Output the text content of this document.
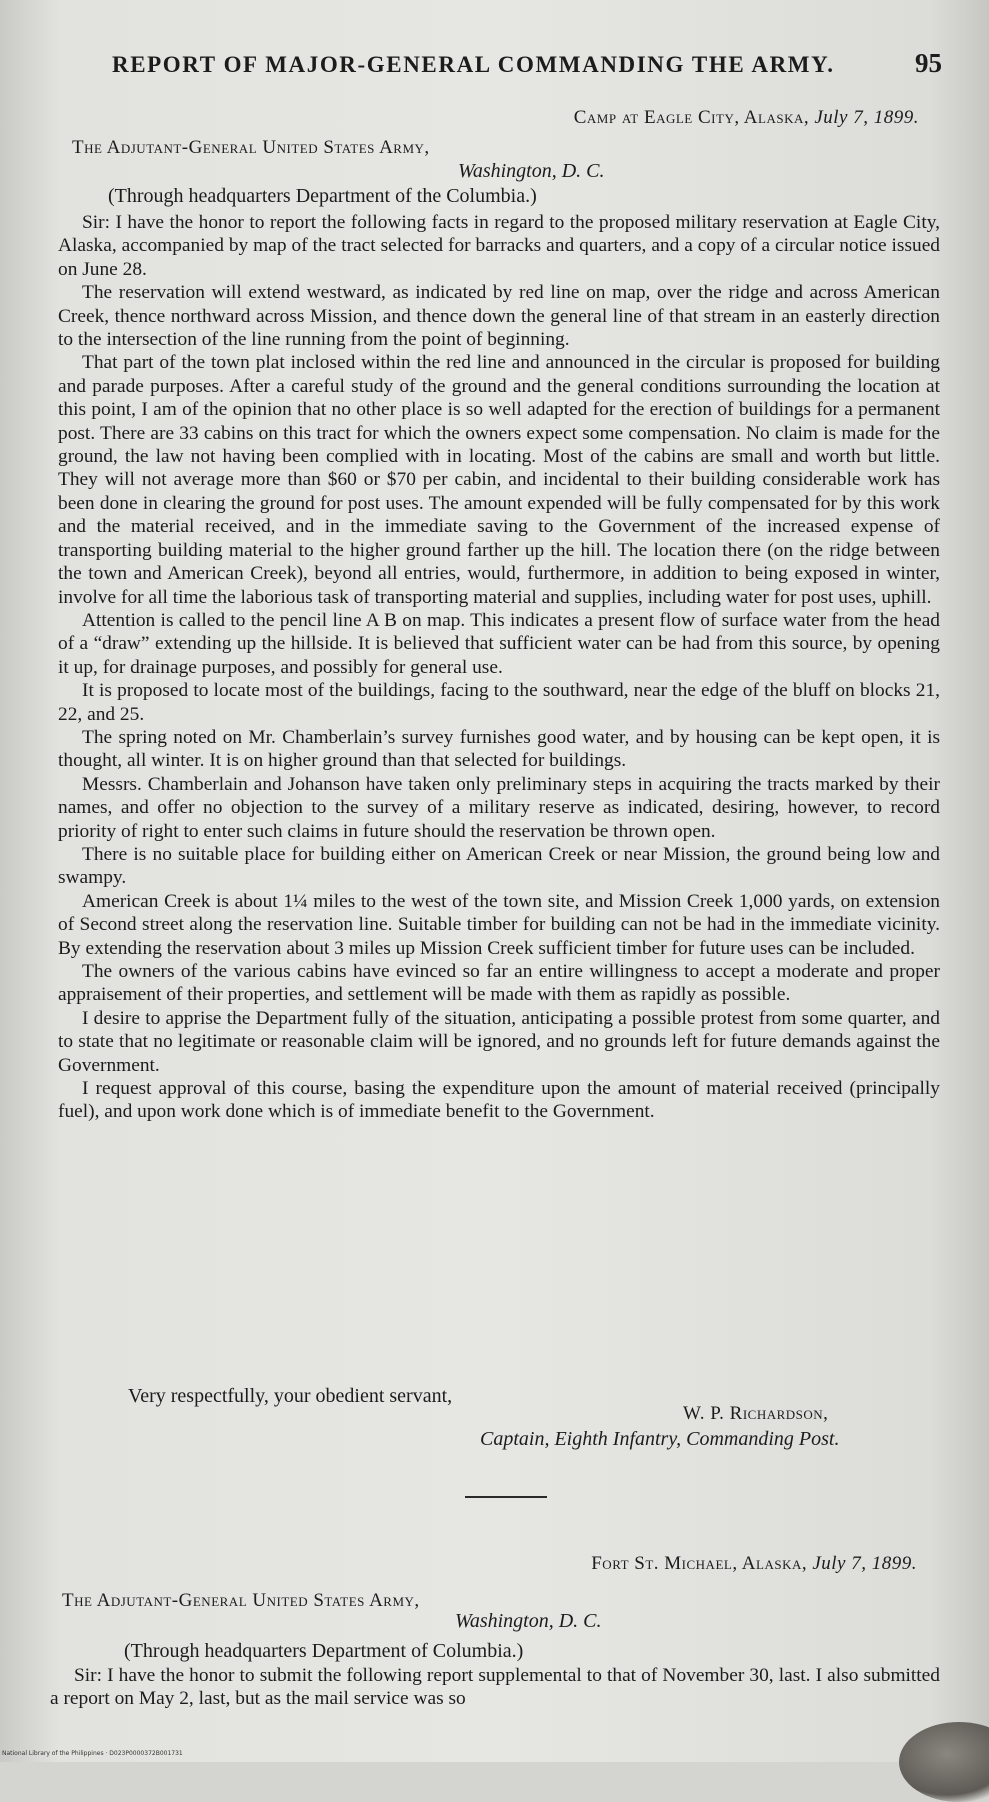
REPORT OF MAJOR-GENERAL COMMANDING THE ARMY.	95
Camp at Eagle City, Alaska, July 7, 1899.
The Adjutant-General United States Army,
Washington, D. C.
(Through headquarters Department of the Columbia.)

Sir: I have the honor to report the following facts in regard to the proposed military reservation at Eagle City, Alaska, accompanied by map of the tract selected for barracks and quarters, and a copy of a circular notice issued on June 28.

The reservation will extend westward, as indicated by red line on map, over the ridge and across American Creek, thence northward across Mission, and thence down the general line of that stream in an easterly direction to the intersection of the line running from the point of beginning.

That part of the town plat inclosed within the red line and announced in the circular is proposed for building and parade purposes. After a careful study of the ground and the general conditions surrounding the location at this point, I am of the opinion that no other place is so well adapted for the erection of buildings for a permanent post. There are 33 cabins on this tract for which the owners expect some compensation. No claim is made for the ground, the law not having been complied with in locating. Most of the cabins are small and worth but little. They will not average more than $60 or $70 per cabin, and incidental to their building considerable work has been done in clearing the ground for post uses. The amount expended will be fully compensated for by this work and the material received, and in the immediate saving to the Government of the increased expense of transporting building material to the higher ground farther up the hill. The location there (on the ridge between the town and American Creek), beyond all entries, would, furthermore, in addition to being exposed in winter, involve for all time the laborious task of transporting material and supplies, including water for post uses, uphill.

Attention is called to the pencil line A B on map. This indicates a present flow of surface water from the head of a “draw” extending up the hillside. It is believed that sufficient water can be had from this source, by opening it up, for drainage purposes, and possibly for general use.

It is proposed to locate most of the buildings, facing to the southward, near the edge of the bluff on blocks 21, 22, and 25.

The spring noted on Mr. Chamberlain’s survey furnishes good water, and by housing can be kept open, it is thought, all winter. It is on higher ground than that selected for buildings.

Messrs. Chamberlain and Johanson have taken only preliminary steps in acquiring the tracts marked by their names, and offer no objection to the survey of a military reserve as indicated, desiring, however, to record priority of right to enter such claims in future should the reservation be thrown open.

There is no suitable place for building either on American Creek or near Mission, the ground being low and swampy.

American Creek is about 1¼ miles to the west of the town site, and Mission Creek 1,000 yards, on extension of Second street along the reservation line. Suitable timber for building can not be had in the immediate vicinity. By extending the reservation about 3 miles up Mission Creek sufficient timber for future uses can be included.

The owners of the various cabins have evinced so far an entire willingness to accept a moderate and proper appraisement of their properties, and settlement will be made with them as rapidly as possible.

I desire to apprise the Department fully of the situation, anticipating a possible protest from some quarter, and to state that no legitimate or reasonable claim will be ignored, and no grounds left for future demands against the Government.

I request approval of this course, basing the expenditure upon the amount of material received (principally fuel), and upon work done which is of immediate benefit to the Government.

Very respectfully, your obedient servant,
W. P. Richardson,
Captain, Eighth Infantry, Commanding Post.
Fort St. Michael, Alaska, July 7, 1899.
The Adjutant-General United States Army,
Washington, D. C.
(Through headquarters Department of Columbia.)

Sir: I have the honor to submit the following report supplemental to that of November 30, last. I also submitted a report on May 2, last, but as the mail service was so

National Library of the Philippines · D023P0000372B001731
